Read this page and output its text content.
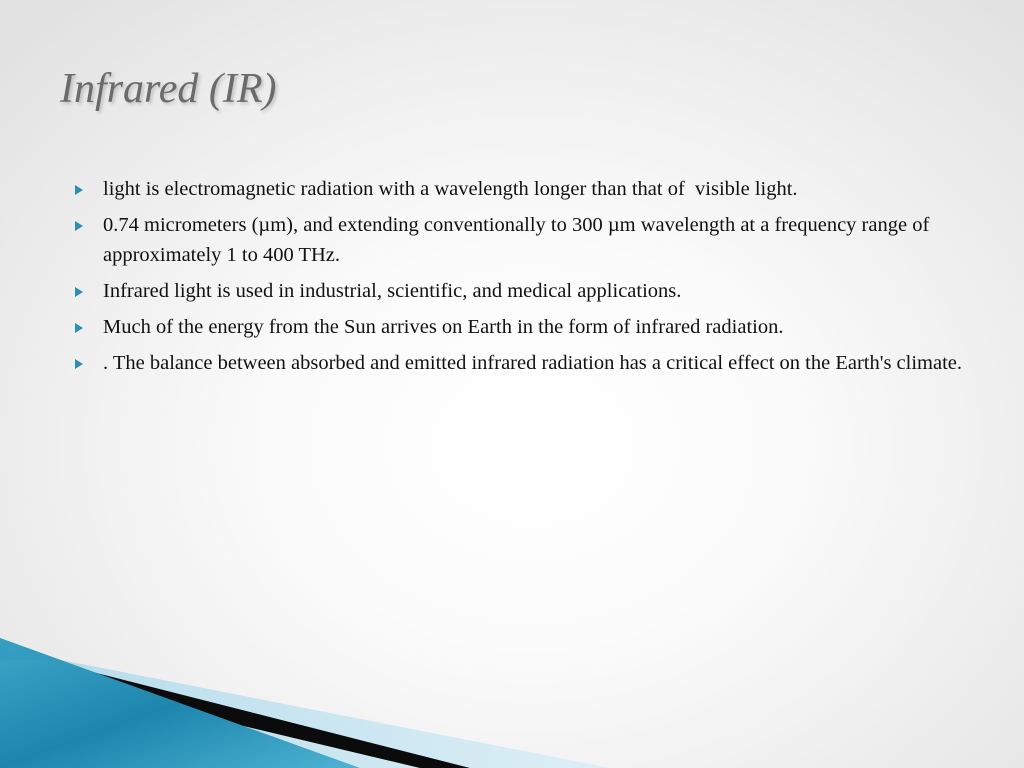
Infrared (IR)
light is electromagnetic radiation with a wavelength longer than that of  visible light.
0.74 micrometers (µm), and extending conventionally to 300 µm wavelength at a frequency range of approximately 1 to 400 THz.
Infrared light is used in industrial, scientific, and medical applications.
Much of the energy from the Sun arrives on Earth in the form of infrared radiation.
. The balance between absorbed and emitted infrared radiation has a critical effect on the Earth's climate.
